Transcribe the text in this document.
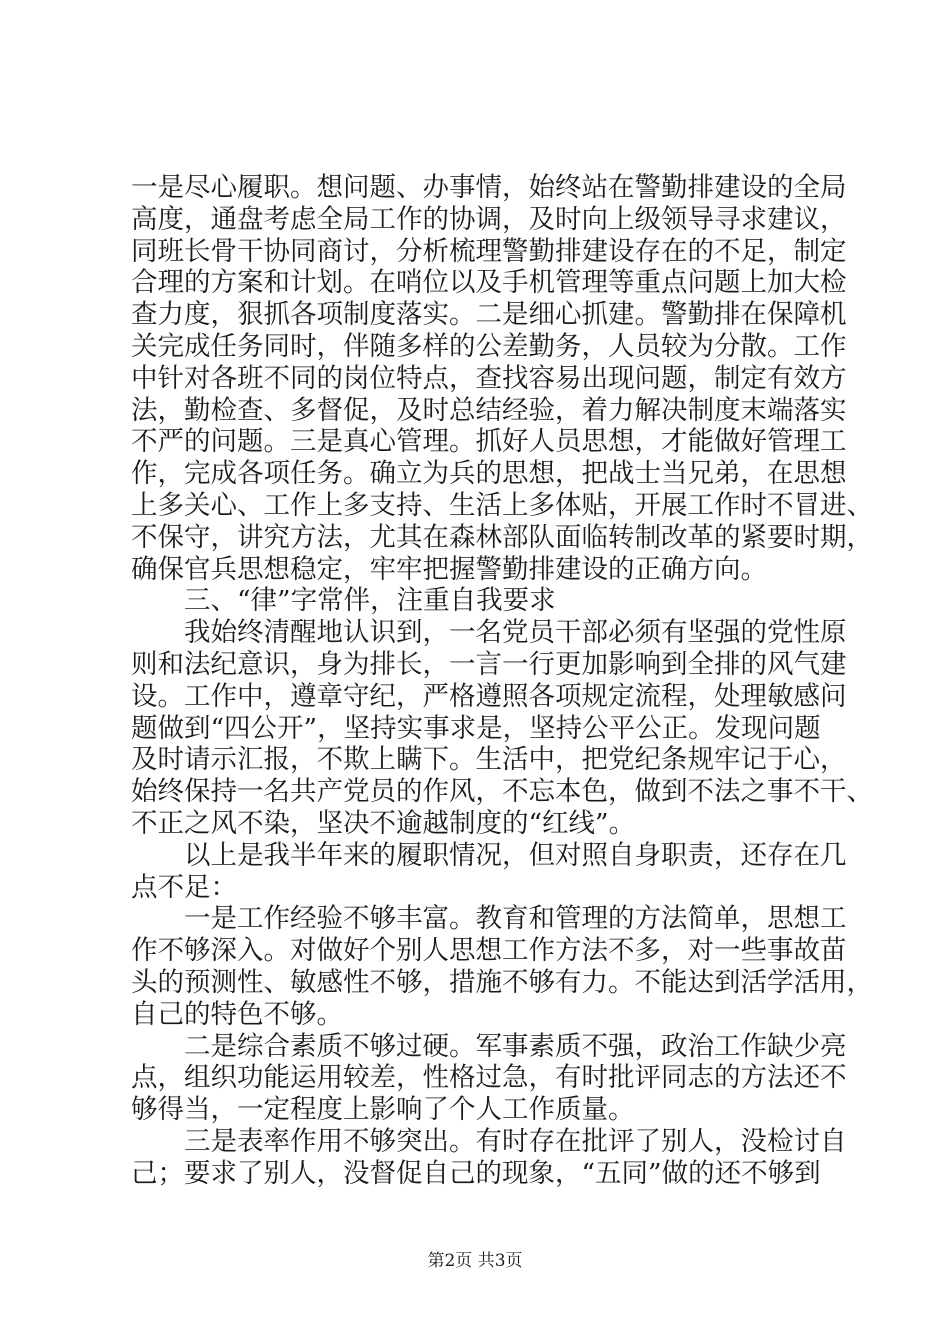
一是尽心履职。想问题、办事情，始终站在警勤排建设的全局
高度，通盘考虑全局工作的协调，及时向上级领导寻求建议，
同班长骨干协同商讨，分析梳理警勤排建设存在的不足，制定
合理的方案和计划。在哨位以及手机管理等重点问题上加大检
查力度，狠抓各项制度落实。二是细心抓建。警勤排在保障机
关完成任务同时，伴随多样的公差勤务，人员较为分散。工作
中针对各班不同的岗位特点，查找容易出现问题，制定有效方
法，勤检查、多督促，及时总结经验，着力解决制度末端落实
不严的问题。三是真心管理。抓好人员思想，才能做好管理工
作，完成各项任务。确立为兵的思想，把战士当兄弟，在思想
上多关心、工作上多支持、生活上多体贴，开展工作时不冒进、
不保守，讲究方法，尤其在森林部队面临转制改革的紧要时期，
确保官兵思想稳定，牢牢把握警勤排建设的正确方向。
　　三、“律”字常伴，注重自我要求
　　我始终清醒地认识到，一名党员干部必须有坚强的党性原
则和法纪意识，身为排长，一言一行更加影响到全排的风气建
设。工作中，遵章守纪，严格遵照各项规定流程，处理敏感问
题做到“四公开”，坚持实事求是，坚持公平公正。发现问题
及时请示汇报，不欺上瞒下。生活中，把党纪条规牢记于心，
始终保持一名共产党员的作风，不忘本色，做到不法之事不干、
不正之风不染，坚决不逾越制度的“红线”。
　　以上是我半年来的履职情况，但对照自身职责，还存在几
点不足：
　　一是工作经验不够丰富。教育和管理的方法简单，思想工
作不够深入。对做好个别人思想工作方法不多，对一些事故苗
头的预测性、敏感性不够，措施不够有力。不能达到活学活用，
自己的特色不够。
　　二是综合素质不够过硬。军事素质不强，政治工作缺少亮
点，组织功能运用较差，性格过急，有时批评同志的方法还不
够得当，一定程度上影响了个人工作质量。
　　三是表率作用不够突出。有时存在批评了别人，没检讨自
己；要求了别人，没督促自己的现象，“五同”做的还不够到
第2页 共3页
